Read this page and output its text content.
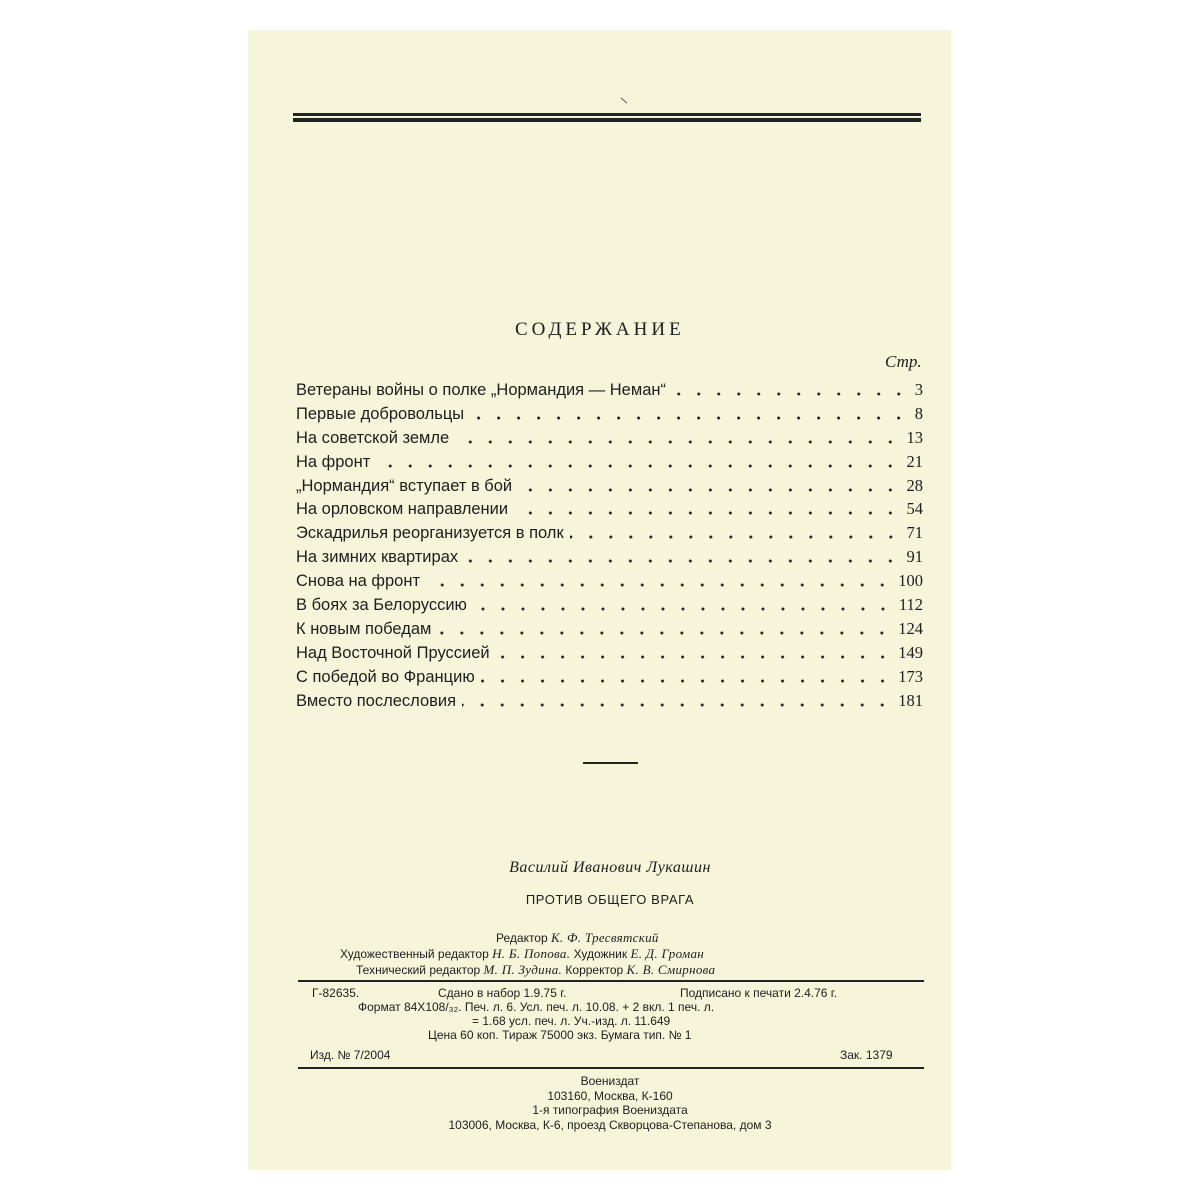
СОДЕРЖАНИЕ
Стр.
Ветераны войны о полке „Нормандия — Неман“	3
Первые добровольцы	8
На советской земле	13
На фронт	21
„Нормандия“ вступает в бой	28
На орловском направлении	54
Эскадрилья реорганизуется в полк	71
На зимних квартирах	91
Снова на фронт	100
В боях за Белоруссию	112
К новым победам	124
Над Восточной Пруссией	149
С победой во Францию	173
Вместо послесловия	181
Василий Иванович Лукашин
ПРОТИВ ОБЩЕГО ВРАГА
Редактор К. Ф. Тресвятский
Художественный редактор Н. Б. Попова. Художник Е. Д. Громан
Технический редактор М. П. Зудина. Корректор К. В. Смирнова
Г-82635.	Сдано в набор 1.9.75 г.	Подписано к печати 2.4.76 г.
Формат 84X108/₃₂. Печ. л. 6. Усл. печ. л. 10.08. + 2 вкл. 1 печ. л.
= 1.68 усл. печ. л. Уч.-изд. л. 11.649
Цена 60 коп. Тираж 75000 экз. Бумага тип. № 1
Изд. № 7/2004	Зак. 1379
Воениздат
103160, Москва, К-160
1-я типография Воениздата
103006, Москва, К-6, проезд Скворцова-Степанова, дом 3
